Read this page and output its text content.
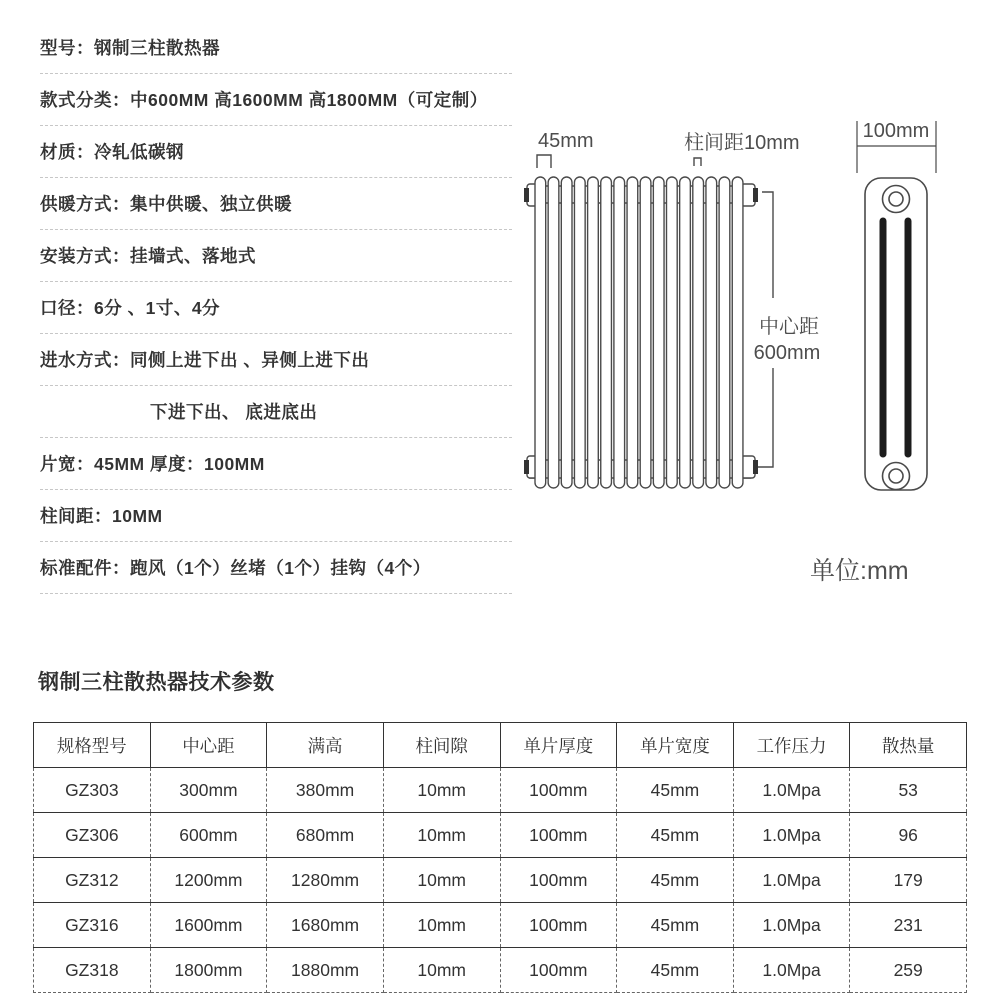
型号：钢制三柱散热器
款式分类：中600MM 高1600MM 高1800MM（可定制）
材质：冷轧低碳钢
供暖方式：集中供暖、独立供暖
安装方式：挂墙式、落地式
口径：6分 、1寸、4分
进水方式：同侧上进下出 、异侧上进下出
下进下出、 底进底出
片宽：45MM 厚度：100MM
柱间距：10MM
标准配件：跑风（1个）丝堵（1个）挂钩（4个）
45mm	柱间距10mm
中心距
600mm
100mm
单位:mm
钢制三柱散热器技术参数
规格型号	中心距	满高	柱间隙	单片厚度	单片宽度	工作压力	散热量
GZ303	300mm	380mm	10mm	100mm	45mm	1.0Mpa	53
GZ306	600mm	680mm	10mm	100mm	45mm	1.0Mpa	96
GZ312	1200mm	1280mm	10mm	100mm	45mm	1.0Mpa	179
GZ316	1600mm	1680mm	10mm	100mm	45mm	1.0Mpa	231
GZ318	1800mm	1880mm	10mm	100mm	45mm	1.0Mpa	259
